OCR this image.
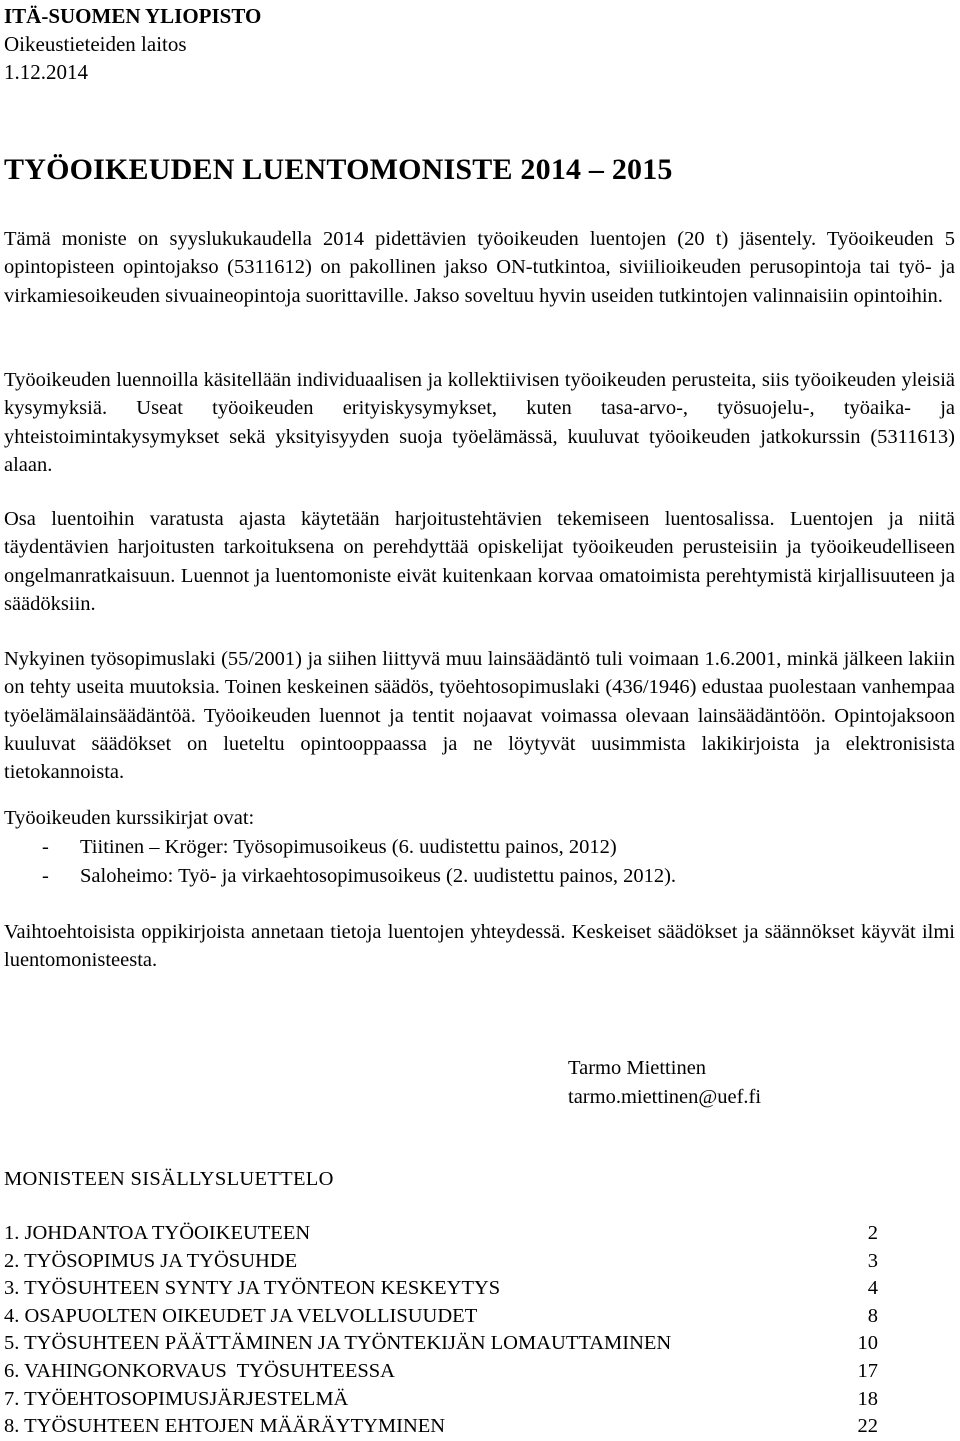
ITÄ-SUOMEN YLIOPISTO
Oikeustieteiden laitos
1.12.2014
TYÖOIKEUDEN LUENTOMONISTE 2014 – 2015

Tämä moniste on syyslukukaudella 2014 pidettävien työoikeuden luentojen (20 t) jäsentely. Työoikeuden 5 opintopisteen opintojakso (5311612) on pakollinen jakso ON-tutkintoa, siviilioikeuden perusopintoja tai työ- ja virkamiesoikeuden sivuaineopintoja suorittaville. Jakso soveltuu hyvin useiden tutkintojen valinnaisiin opintoihin.

Työoikeuden luennoilla käsitellään individuaalisen ja kollektiivisen työoikeuden perusteita, siis työoikeuden yleisiä kysymyksiä. Useat työoikeuden erityiskysymykset, kuten tasa-arvo-, työsuojelu-, työaika- ja yhteistoimintakysymykset sekä yksityisyyden suoja työelämässä, kuuluvat työoikeuden jatkokurssin (5311613) alaan.

Osa luentoihin varatusta ajasta käytetään harjoitustehtävien tekemiseen luentosalissa. Luentojen ja niitä täydentävien harjoitusten tarkoituksena on perehdyttää opiskelijat työoikeuden perusteisiin ja työoikeudelliseen ongelmanratkaisuun. Luennot ja luentomoniste eivät kuitenkaan korvaa omatoimista perehtymistä kirjallisuuteen ja säädöksiin.

Nykyinen työsopimuslaki (55/2001) ja siihen liittyvä muu lainsäädäntö tuli voimaan 1.6.2001, minkä jälkeen lakiin on tehty useita muutoksia. Toinen keskeinen säädös, työehtosopimuslaki (436/1946) edustaa puolestaan vanhempaa työelämälainsäädäntöä. Työoikeuden luennot ja tentit nojaavat voimassa olevaan lainsäädäntöön. Opintojaksoon kuuluvat säädökset on lueteltu opintooppaassa ja ne löytyvät uusimmista lakikirjoista ja elektronisista tietokannoista.

Työoikeuden kurssikirjat ovat:
- Tiitinen – Kröger: Työsopimusoikeus (6. uudistettu painos, 2012)
- Saloheimo: Työ- ja virkaehtosopimusoikeus (2. uudistettu painos, 2012).

Vaihtoehtoisista oppikirjoista annetaan tietoja luentojen yhteydessä. Keskeiset säädökset ja säännökset käyvät ilmi luentomonisteesta.

Tarmo Miettinen
tarmo.miettinen@uef.fi
MONISTEEN SISÄLLYSLUETTELO
1. JOHDANTOA TYÖOIKEUTEEN	2
2. TYÖSOPIMUS JA TYÖSUHDE	3
3. TYÖSUHTEEN SYNTY JA TYÖNTEON KESKEYTYS	4
4. OSAPUOLTEN OIKEUDET JA VELVOLLISUUDET	8
5. TYÖSUHTEEN PÄÄTTÄMINEN JA TYÖNTEKIJÄN LOMAUTTAMINEN	10
6. VAHINGONKORVAUS  TYÖSUHTEESSA	17
7. TYÖEHTOSOPIMUSJÄRJESTELMÄ	18
8. TYÖSUHTEEN EHTOJEN MÄÄRÄYTYMINEN	22
